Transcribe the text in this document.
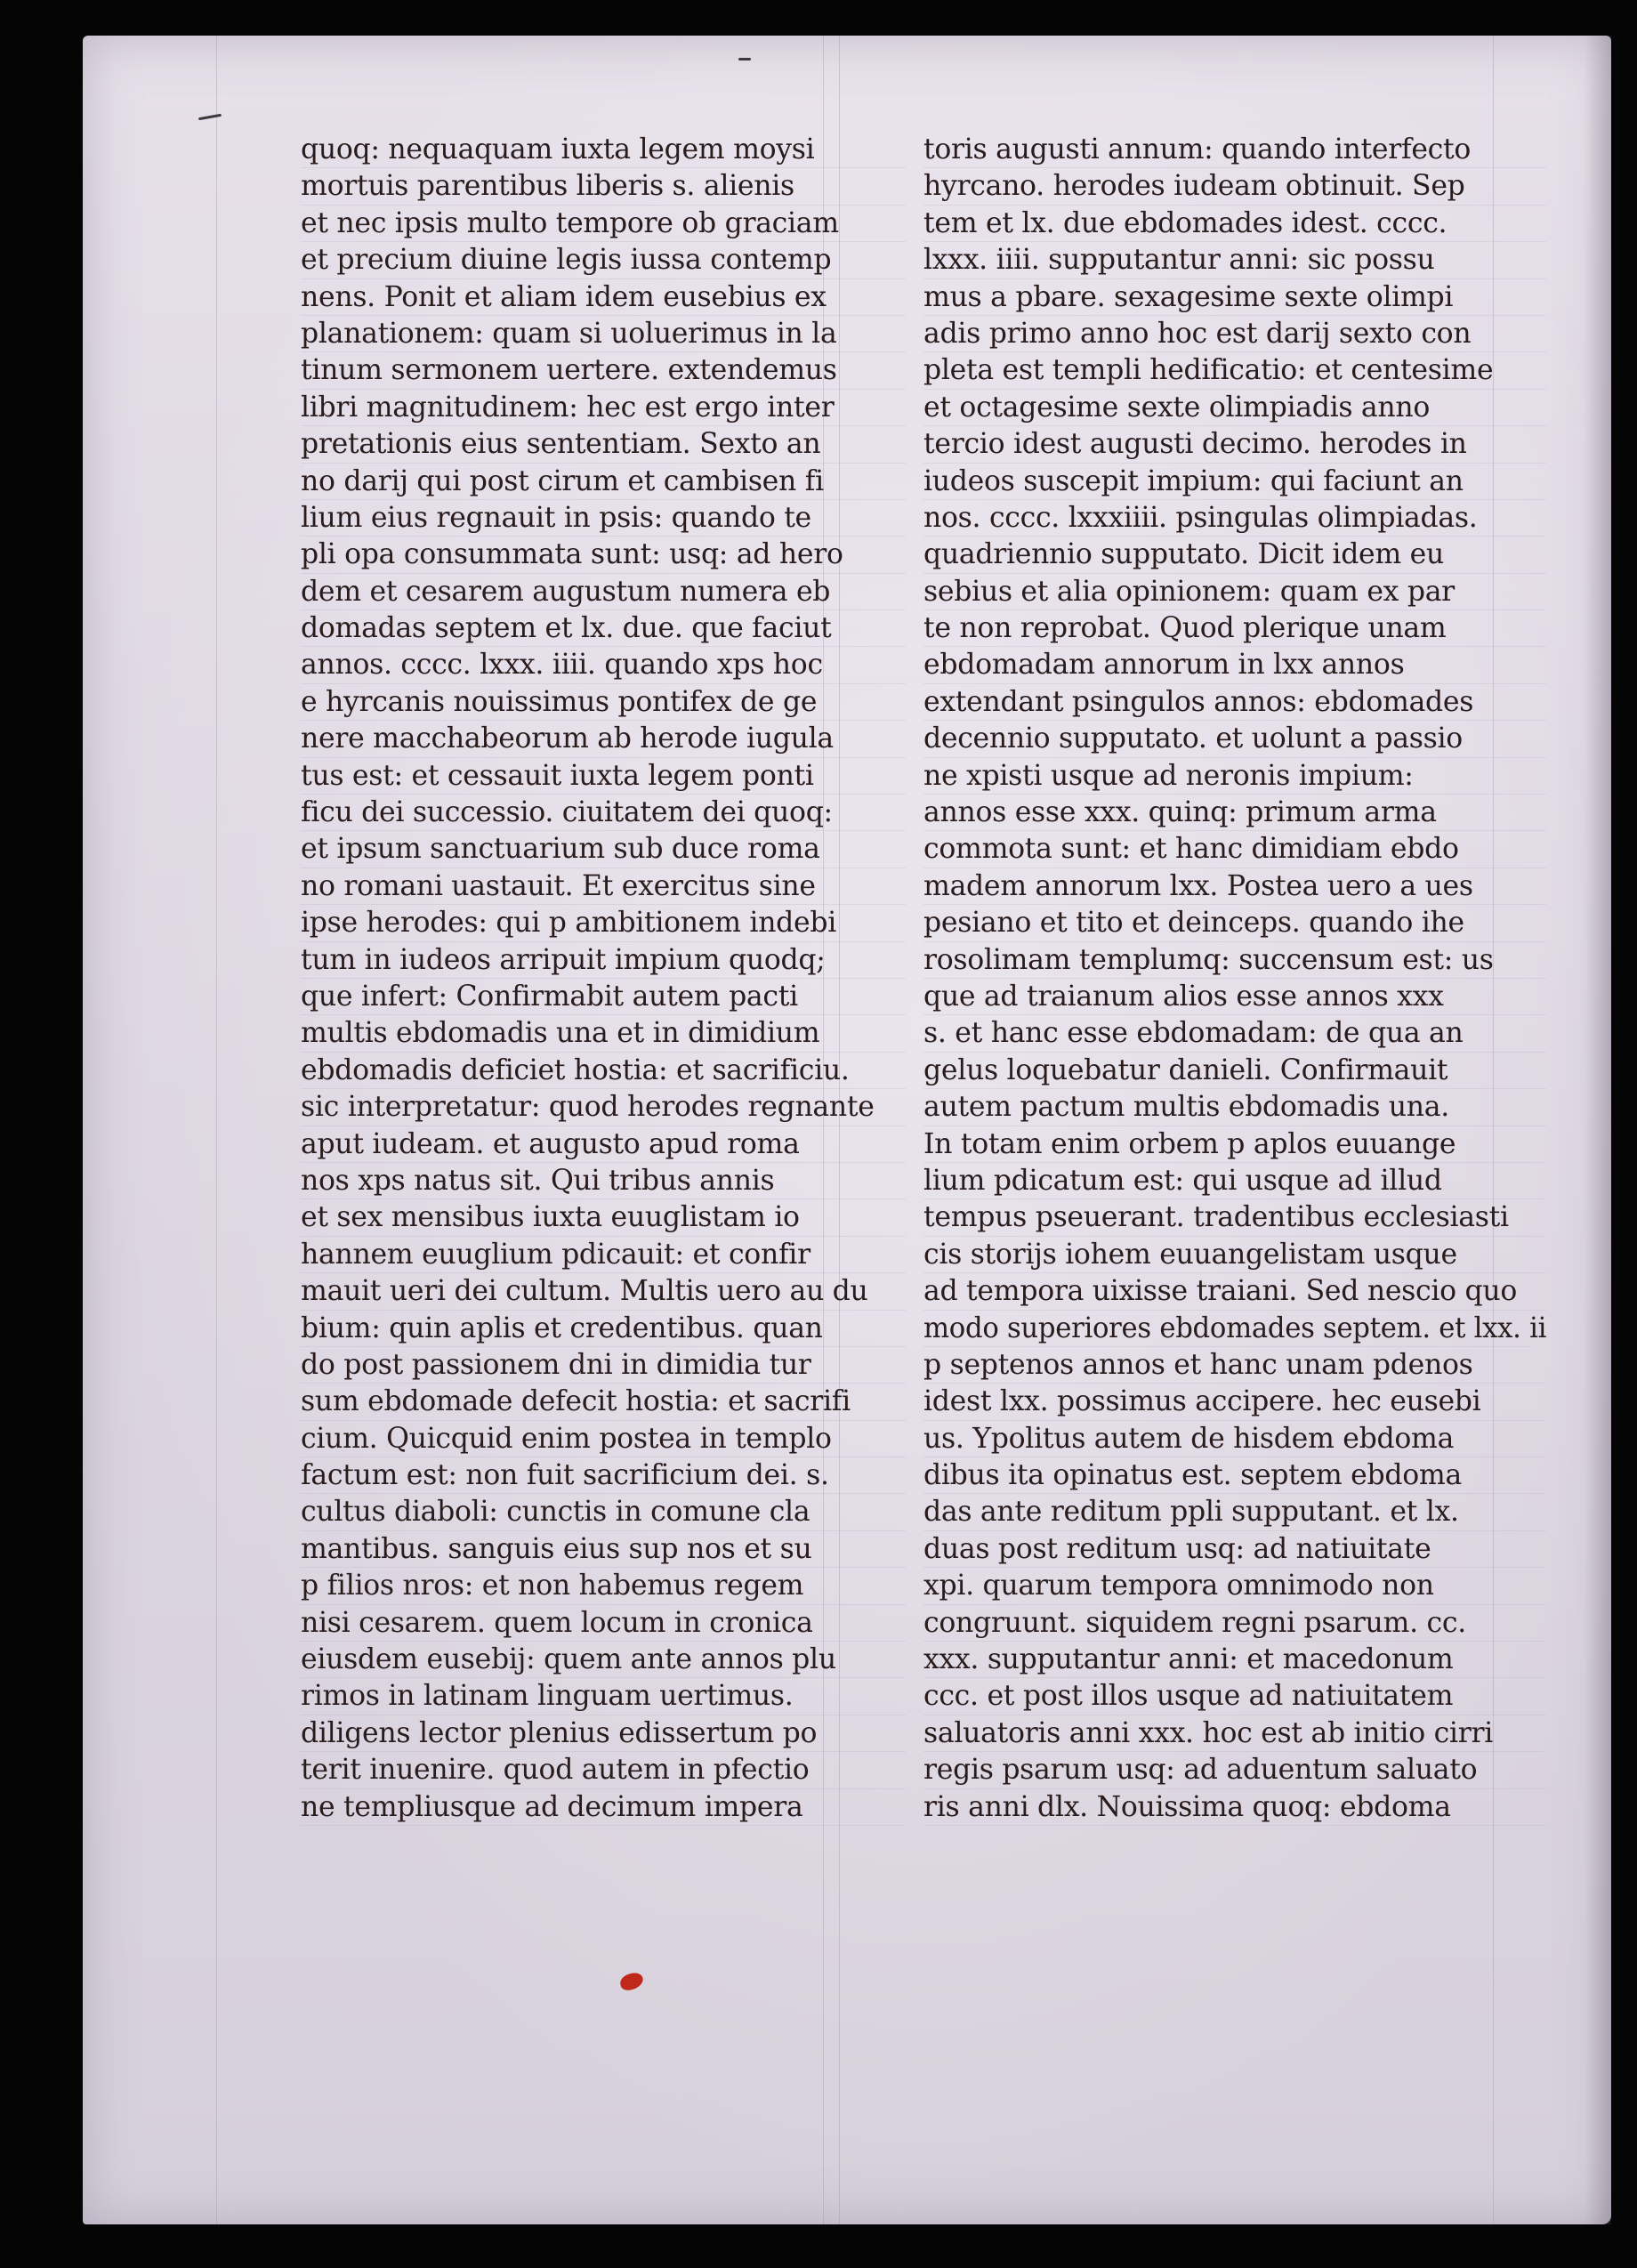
quoq: nequaquam iuxta legem moysi
mortuis parentibus liberis s. alienis
et nec ipsis multo tempore ob graciam
et precium diuine legis iussa contemp
nens. Ponit et aliam idem eusebius ex
planationem: quam si uoluerimus in la
tinum sermonem uertere. extendemus
libri magnitudinem: hec est ergo inter
pretationis eius sententiam. Sexto an
no darij qui post cirum et cambisen fi
lium eius regnauit in psis: quando te
pli opa consummata sunt: usq: ad hero
dem et cesarem augustum numera eb
domadas septem et lx. due. que faciut
annos. cccc. lxxx. iiii. quando xps hoc
e hyrcanis nouissimus pontifex de ge
nere macchabeorum ab herode iugula
tus est: et cessauit iuxta legem ponti
ficu dei successio. ciuitatem dei quoq:
et ipsum sanctuarium sub duce roma
no romani uastauit. Et exercitus sine
ipse herodes: qui p ambitionem indebi
tum in iudeos arripuit impium quodq;
que infert: Confirmabit autem pacti
multis ebdomadis una et in dimidium
ebdomadis deficiet hostia: et sacrificiu.
sic interpretatur: quod herodes regnante
aput iudeam. et augusto apud roma
nos xps natus sit. Qui tribus annis
et sex mensibus iuxta euuglistam io
hannem euuglium pdicauit: et confir
mauit ueri dei cultum. Multis uero au du
bium: quin aplis et credentibus. quan
do post passionem dni in dimidia tur
sum ebdomade defecit hostia: et sacrifi
cium. Quicquid enim postea in templo
factum est: non fuit sacrificium dei. s.
cultus diaboli: cunctis in comune cla
mantibus. sanguis eius sup nos et su
p filios nros: et non habemus regem
nisi cesarem. quem locum in cronica
eiusdem eusebij: quem ante annos plu
rimos in latinam linguam uertimus.
diligens lector plenius edissertum po
terit inuenire. quod autem in pfectio
ne templiusque ad decimum impera
toris augusti annum: quando interfecto
hyrcano. herodes iudeam obtinuit. Sep
tem et lx. due ebdomades idest. cccc.
lxxx. iiii. supputantur anni: sic possu
mus a pbare. sexagesime sexte olimpi
adis primo anno hoc est darij sexto con
pleta est templi hedificatio: et centesime
et octagesime sexte olimpiadis anno
tercio idest augusti decimo. herodes in
iudeos suscepit impium: qui faciunt an
nos. cccc. lxxxiiii. psingulas olimpiadas.
quadriennio supputato. Dicit idem eu
sebius et alia opinionem: quam ex par
te non reprobat. Quod plerique unam
ebdomadam annorum in lxx annos
extendant psingulos annos: ebdomades
decennio supputato. et uolunt a passio
ne xpisti usque ad neronis impium:
annos esse xxx. quinq: primum arma
commota sunt: et hanc dimidiam ebdo
madem annorum lxx. Postea uero a ues
pesiano et tito et deinceps. quando ihe
rosolimam templumq: succensum est: us
que ad traianum alios esse annos xxx
s. et hanc esse ebdomadam: de qua an
gelus loquebatur danieli. Confirmauit
autem pactum multis ebdomadis una.
In totam enim orbem p aplos euuange
lium pdicatum est: qui usque ad illud
tempus pseuerant. tradentibus ecclesiasti
cis storijs iohem euuangelistam usque
ad tempora uixisse traiani. Sed nescio quo
modo superiores ebdomades septem. et lxx. ii
p septenos annos et hanc unam pdenos
idest lxx. possimus accipere. hec eusebi
us. Ypolitus autem de hisdem ebdoma
dibus ita opinatus est. septem ebdoma
das ante reditum ppli supputant. et lx.
duas post reditum usq: ad natiuitate
xpi. quarum tempora omnimodo non
congruunt. siquidem regni psarum. cc.
xxx. supputantur anni: et macedonum
ccc. et post illos usque ad natiuitatem
saluatoris anni xxx. hoc est ab initio cirri
regis psarum usq: ad aduentum saluato
ris anni dlx. Nouissima quoq: ebdoma
